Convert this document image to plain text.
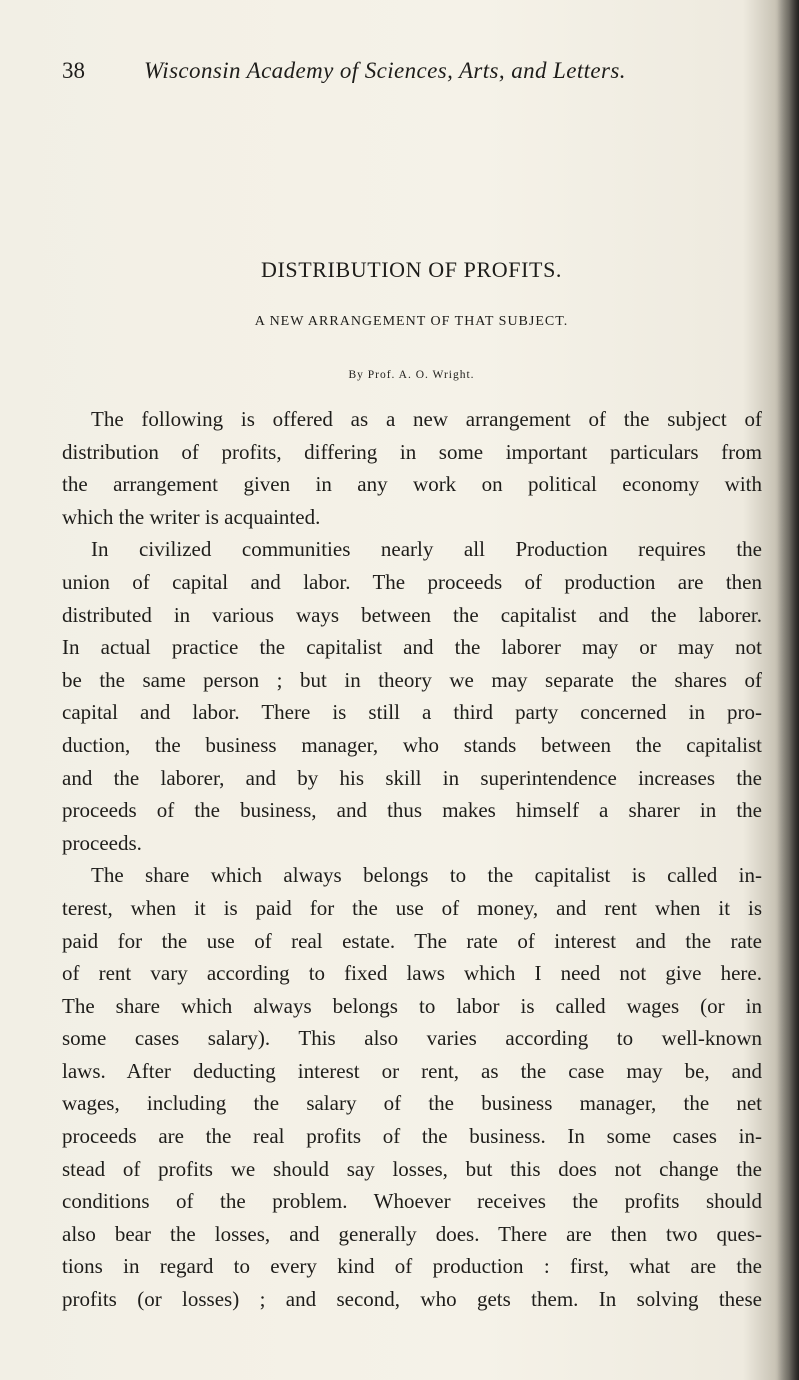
38	Wisconsin Academy of Sciences, Arts, and Letters.
DISTRIBUTION OF PROFITS.
A NEW ARRANGEMENT OF THAT SUBJECT.
By Prof. A. O. Wright.
The following is offered as a new arrangement of the subject of
distribution of profits, differing in some important particulars from
the arrangement given in any work on political economy with
which the writer is acquainted.
In civilized communities nearly all Production requires the
union of capital and labor. The proceeds of production are then
distributed in various ways between the capitalist and the laborer.
In actual practice the capitalist and the laborer may or may not
be the same person ; but in theory we may separate the shares of
capital and labor. There is still a third party concerned in pro-
duction, the business manager, who stands between the capitalist
and the laborer, and by his skill in superintendence increases the
proceeds of the business, and thus makes himself a sharer in the
proceeds.
The share which always belongs to the capitalist is called in-
terest, when it is paid for the use of money, and rent when it is
paid for the use of real estate. The rate of interest and the rate
of rent vary according to fixed laws which I need not give here.
The share which always belongs to labor is called wages (or in
some cases salary). This also varies according to well-known
laws. After deducting interest or rent, as the case may be, and
wages, including the salary of the business manager, the net
proceeds are the real profits of the business. In some cases in-
stead of profits we should say losses, but this does not change the
conditions of the problem. Whoever receives the profits should
also bear the losses, and generally does. There are then two ques-
tions in regard to every kind of production : first, what are the
profits (or losses) ; and second, who gets them. In solving these
